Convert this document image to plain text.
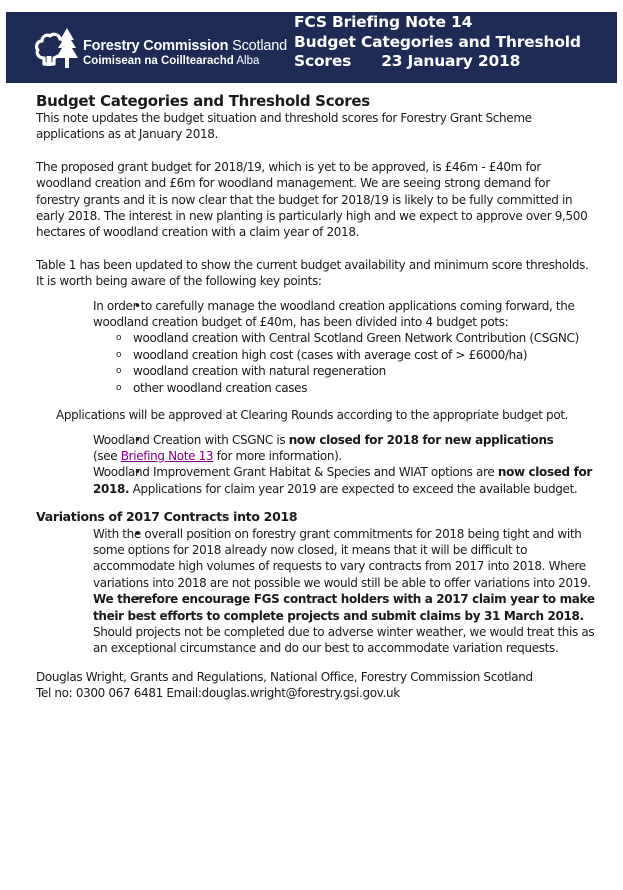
Forestry Commission Scotland
Coimisean na Coilltearachd Alba
FCS Briefing Note 14
Budget Categories and Threshold
Scores 23 January 2018
Budget Categories and Threshold Scores

This note updates the budget situation and threshold scores for Forestry Grant Scheme applications as at January 2018.

The proposed grant budget for 2018/19, which is yet to be approved, is £46m - £40m for woodland creation and £6m for woodland management. We are seeing strong demand for forestry grants and it is now clear that the budget for 2018/19 is likely to be fully committed in early 2018. The interest in new planting is particularly high and we expect to approve over 9,500 hectares of woodland creation with a claim year of 2018.

Table 1 has been updated to show the current budget availability and minimum score thresholds. It is worth being aware of the following key points:

• In order to carefully manage the woodland creation applications coming forward, the woodland creation budget of £40m, has been divided into 4 budget pots:
o woodland creation with Central Scotland Green Network Contribution (CSGNC)
o woodland creation high cost (cases with average cost of > £6000/ha)
o woodland creation with natural regeneration
o other woodland creation cases

Applications will be approved at Clearing Rounds according to the appropriate budget pot.

• Woodland Creation with CSGNC is now closed for 2018 for new applications
(see Briefing Note 13 for more information).
• Woodland Improvement Grant Habitat & Species and WIAT options are now closed for 2018. Applications for claim year 2019 are expected to exceed the available budget.
Variations of 2017 Contracts into 2018
• With the overall position on forestry grant commitments for 2018 being tight and with some options for 2018 already now closed, it means that it will be difficult to accommodate high volumes of requests to vary contracts from 2017 into 2018. Where variations into 2018 are not possible we would still be able to offer variations into 2019.
• We therefore encourage FGS contract holders with a 2017 claim year to make their best efforts to complete projects and submit claims by 31 March 2018. Should projects not be completed due to adverse winter weather, we would treat this as an exceptional circumstance and do our best to accommodate variation requests.

Douglas Wright, Grants and Regulations, National Office, Forestry Commission Scotland

Tel no: 0300 067 6481 Email:douglas.wright@forestry.gsi.gov.uk
